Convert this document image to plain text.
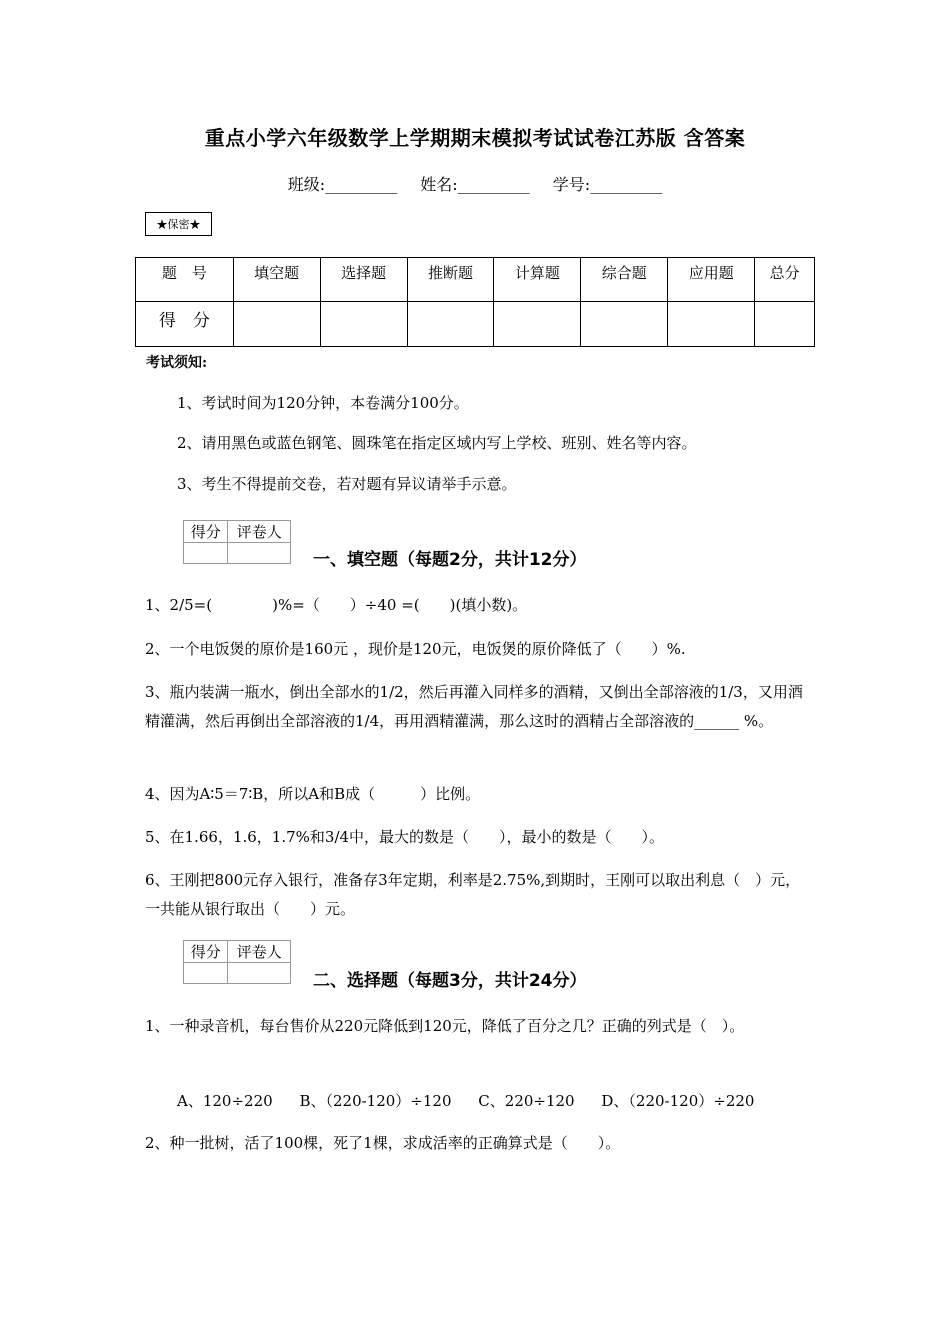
重点小学六年级数学上学期期末模拟考试试卷江苏版 含答案
班级:_________ 姓名:_________ 学号:_________
★保密★
题　号	填空题	选择题	推断题	计算题	综合题	应用题	总分
得　分							
考试须知:
1、考试时间为120分钟，本卷满分100分。
2、请用黑色或蓝色钢笔、圆珠笔在指定区域内写上学校、班别、姓名等内容。
3、考生不得提前交卷，若对题有异议请举手示意。
得分	评卷人

一、填空题（每题2分，共计12分）
1、2/5=(　　　　)%=（　　）÷40 =(　　)(填小数)。
2、一个电饭煲的原价是160元 ，现价是120元，电饭煲的原价降低了（　　）%.
3、瓶内装满一瓶水，倒出全部水的1/2，然后再灌入同样多的酒精，又倒出全部溶液的1/3，又用酒精灌满，然后再倒出全部溶液的1/4，再用酒精灌满，那么这时的酒精占全部溶液的______ %。
4、因为A∶5＝7∶B，所以A和B成（　　　）比例。
5、在1.66，1.6，1.7%和3/4中，最大的数是（　　），最小的数是（　　）。
6、王刚把800元存入银行，准备存3年定期，利率是2.75%,到期时，王刚可以取出利息（　）元，一共能从银行取出（　　）元。
得分	评卷人

二、选择题（每题3分，共计24分）
1、一种录音机，每台售价从220元降低到120元，降低了百分之几？正确的列式是（　）。
A、120÷220 B、（220-120）÷120 C、220÷120 D、（220-120）÷220
2、种一批树，活了100棵，死了1棵，求成活率的正确算式是（　　）。
